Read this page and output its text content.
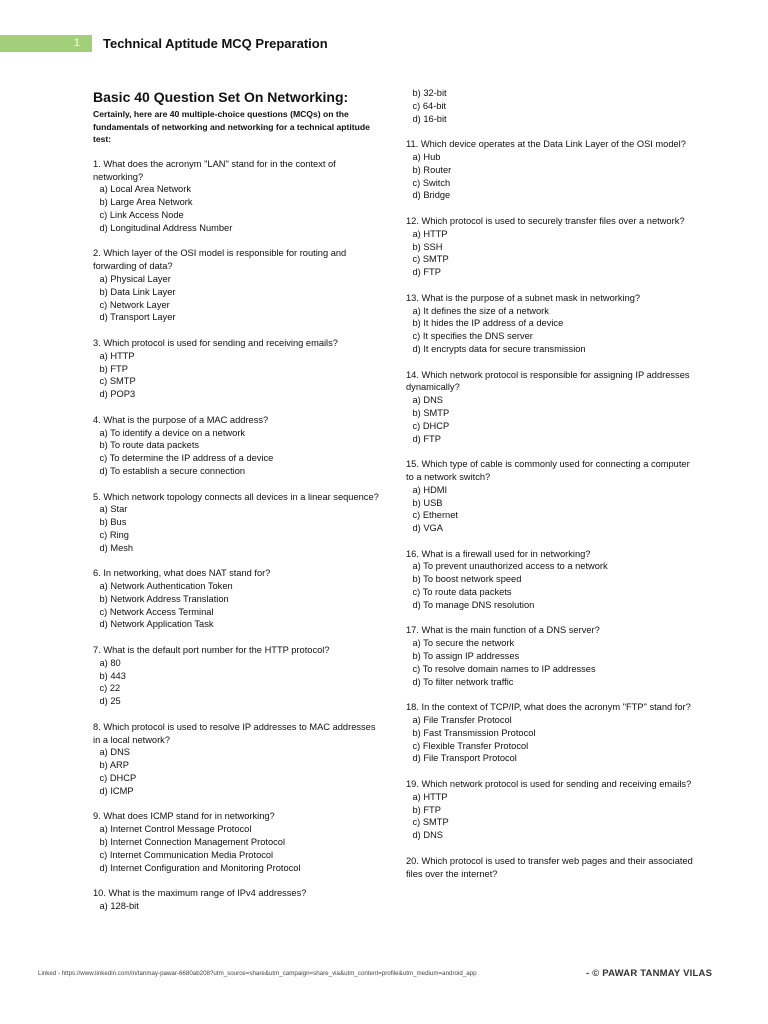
1	Technical Aptitude MCQ Preparation
Basic 40 Question Set On Networking:

Certainly, here are 40 multiple-choice questions (MCQs) on the fundamentals of networking and networking for a technical aptitude test:

1. What does the acronym "LAN" stand for in the context of networking?
a) Local Area Network
b) Large Area Network
c) Link Access Node
d) Longitudinal Address Number
2. Which layer of the OSI model is responsible for routing and forwarding of data?
a) Physical Layer
b) Data Link Layer
c) Network Layer
d) Transport Layer
3. Which protocol is used for sending and receiving emails?
a) HTTP
b) FTP
c) SMTP
d) POP3
4. What is the purpose of a MAC address?
a) To identify a device on a network
b) To route data packets
c) To determine the IP address of a device
d) To establish a secure connection
5. Which network topology connects all devices in a linear sequence?
a) Star
b) Bus
c) Ring
d) Mesh
6. In networking, what does NAT stand for?
a) Network Authentication Token
b) Network Address Translation
c) Network Access Terminal
d) Network Application Task
7. What is the default port number for the HTTP protocol?
a) 80
b) 443
c) 22
d) 25
8. Which protocol is used to resolve IP addresses to MAC addresses in a local network?
a) DNS
b) ARP
c) DHCP
d) ICMP
9. What does ICMP stand for in networking?
a) Internet Control Message Protocol
b) Internet Connection Management Protocol
c) Internet Communication Media Protocol
d) Internet Configuration and Monitoring Protocol
10. What is the maximum range of IPv4 addresses?
a) 128-bit
b) 32-bit
c) 64-bit
d) 16-bit
11. Which device operates at the Data Link Layer of the OSI model?
a) Hub
b) Router
c) Switch
d) Bridge
12. Which protocol is used to securely transfer files over a network?
a) HTTP
b) SSH
c) SMTP
d) FTP
13. What is the purpose of a subnet mask in networking?
a) It defines the size of a network
b) It hides the IP address of a device
c) It specifies the DNS server
d) It encrypts data for secure transmission
14. Which network protocol is responsible for assigning IP addresses dynamically?
a) DNS
b) SMTP
c) DHCP
d) FTP
15. Which type of cable is commonly used for connecting a computer to a network switch?
a) HDMI
b) USB
c) Ethernet
d) VGA
16. What is a firewall used for in networking?
a) To prevent unauthorized access to a network
b) To boost network speed
c) To route data packets
d) To manage DNS resolution
17. What is the main function of a DNS server?
a) To secure the network
b) To assign IP addresses
c) To resolve domain names to IP addresses
d) To filter network traffic
18. In the context of TCP/IP, what does the acronym "FTP" stand for?
a) File Transfer Protocol
b) Fast Transmission Protocol
c) Flexible Transfer Protocol
d) File Transport Protocol
19. Which network protocol is used for sending and receiving emails?
a) HTTP
b) FTP
c) SMTP
d) DNS
20. Which protocol is used to transfer web pages and their associated files over the internet?
Linked - https://www.linkedin.com/in/tanmay-pawar-6680ab208?utm_source=share&utm_campaign=share_via&utm_content=profile&utm_medium=android_app	- © PAWAR TANMAY VILAS
